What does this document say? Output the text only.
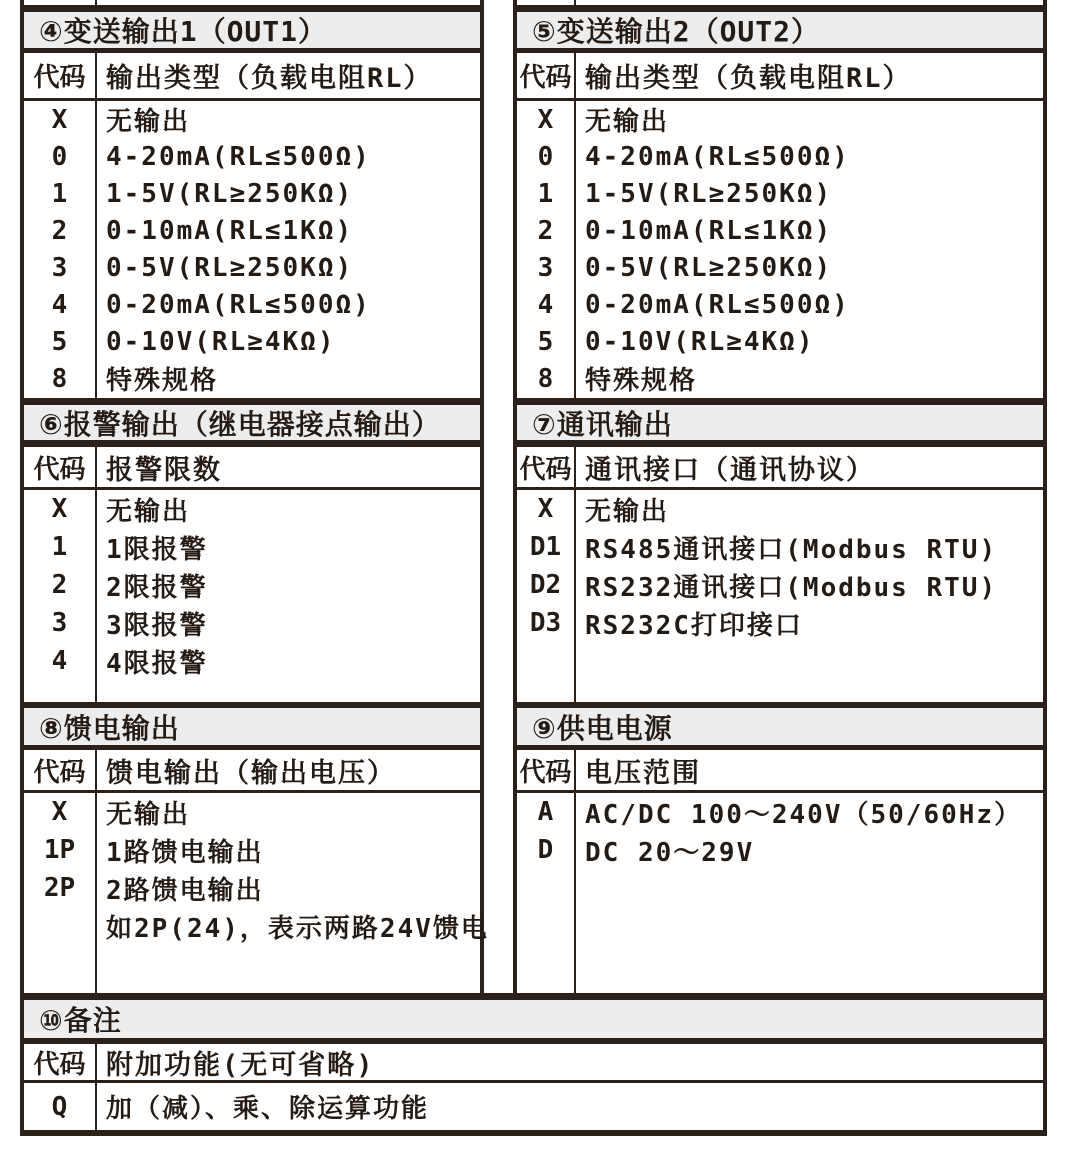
④变送输出1（OUT1）
代码 输出类型（负载电阻RL）
X	无输出
0	4-20mA(RL≤500Ω)
1	1-5V(RL≥250KΩ)
2	0-10mA(RL≤1KΩ)
3	0-5V(RL≥250KΩ)
4	0-20mA(RL≤500Ω)
5	0-10V(RL≥4KΩ)
8	特殊规格
⑥报警输出（继电器接点输出）
代码 报警限数
X	无输出
1	1限报警
2	2限报警
3	3限报警
4	4限报警
⑧馈电输出
代码 馈电输出（输出电压）
X	无输出
1P	1路馈电输出
2P	2路馈电输出
如2P(24)，表示两路24V馈电
⑤变送输出2（OUT2）
代码 输出类型（负载电阻RL）
X	无输出
0	4-20mA(RL≤500Ω)
1	1-5V(RL≥250KΩ)
2	0-10mA(RL≤1KΩ)
3	0-5V(RL≥250KΩ)
4	0-20mA(RL≤500Ω)
5	0-10V(RL≥4KΩ)
8	特殊规格
⑦通讯输出
代码 通讯接口（通讯协议）
X	无输出
D1 RS485通讯接口(Modbus RTU)
D2 RS232通讯接口(Modbus RTU)
D3 RS232C打印接口
⑨供电电源
代码 电压范围
A	AC/DC 100～240V（50/60Hz）
D	DC 20～29V
⑩备注
代码 附加功能(无可省略)
Q	加（减）、乘、除运算功能
